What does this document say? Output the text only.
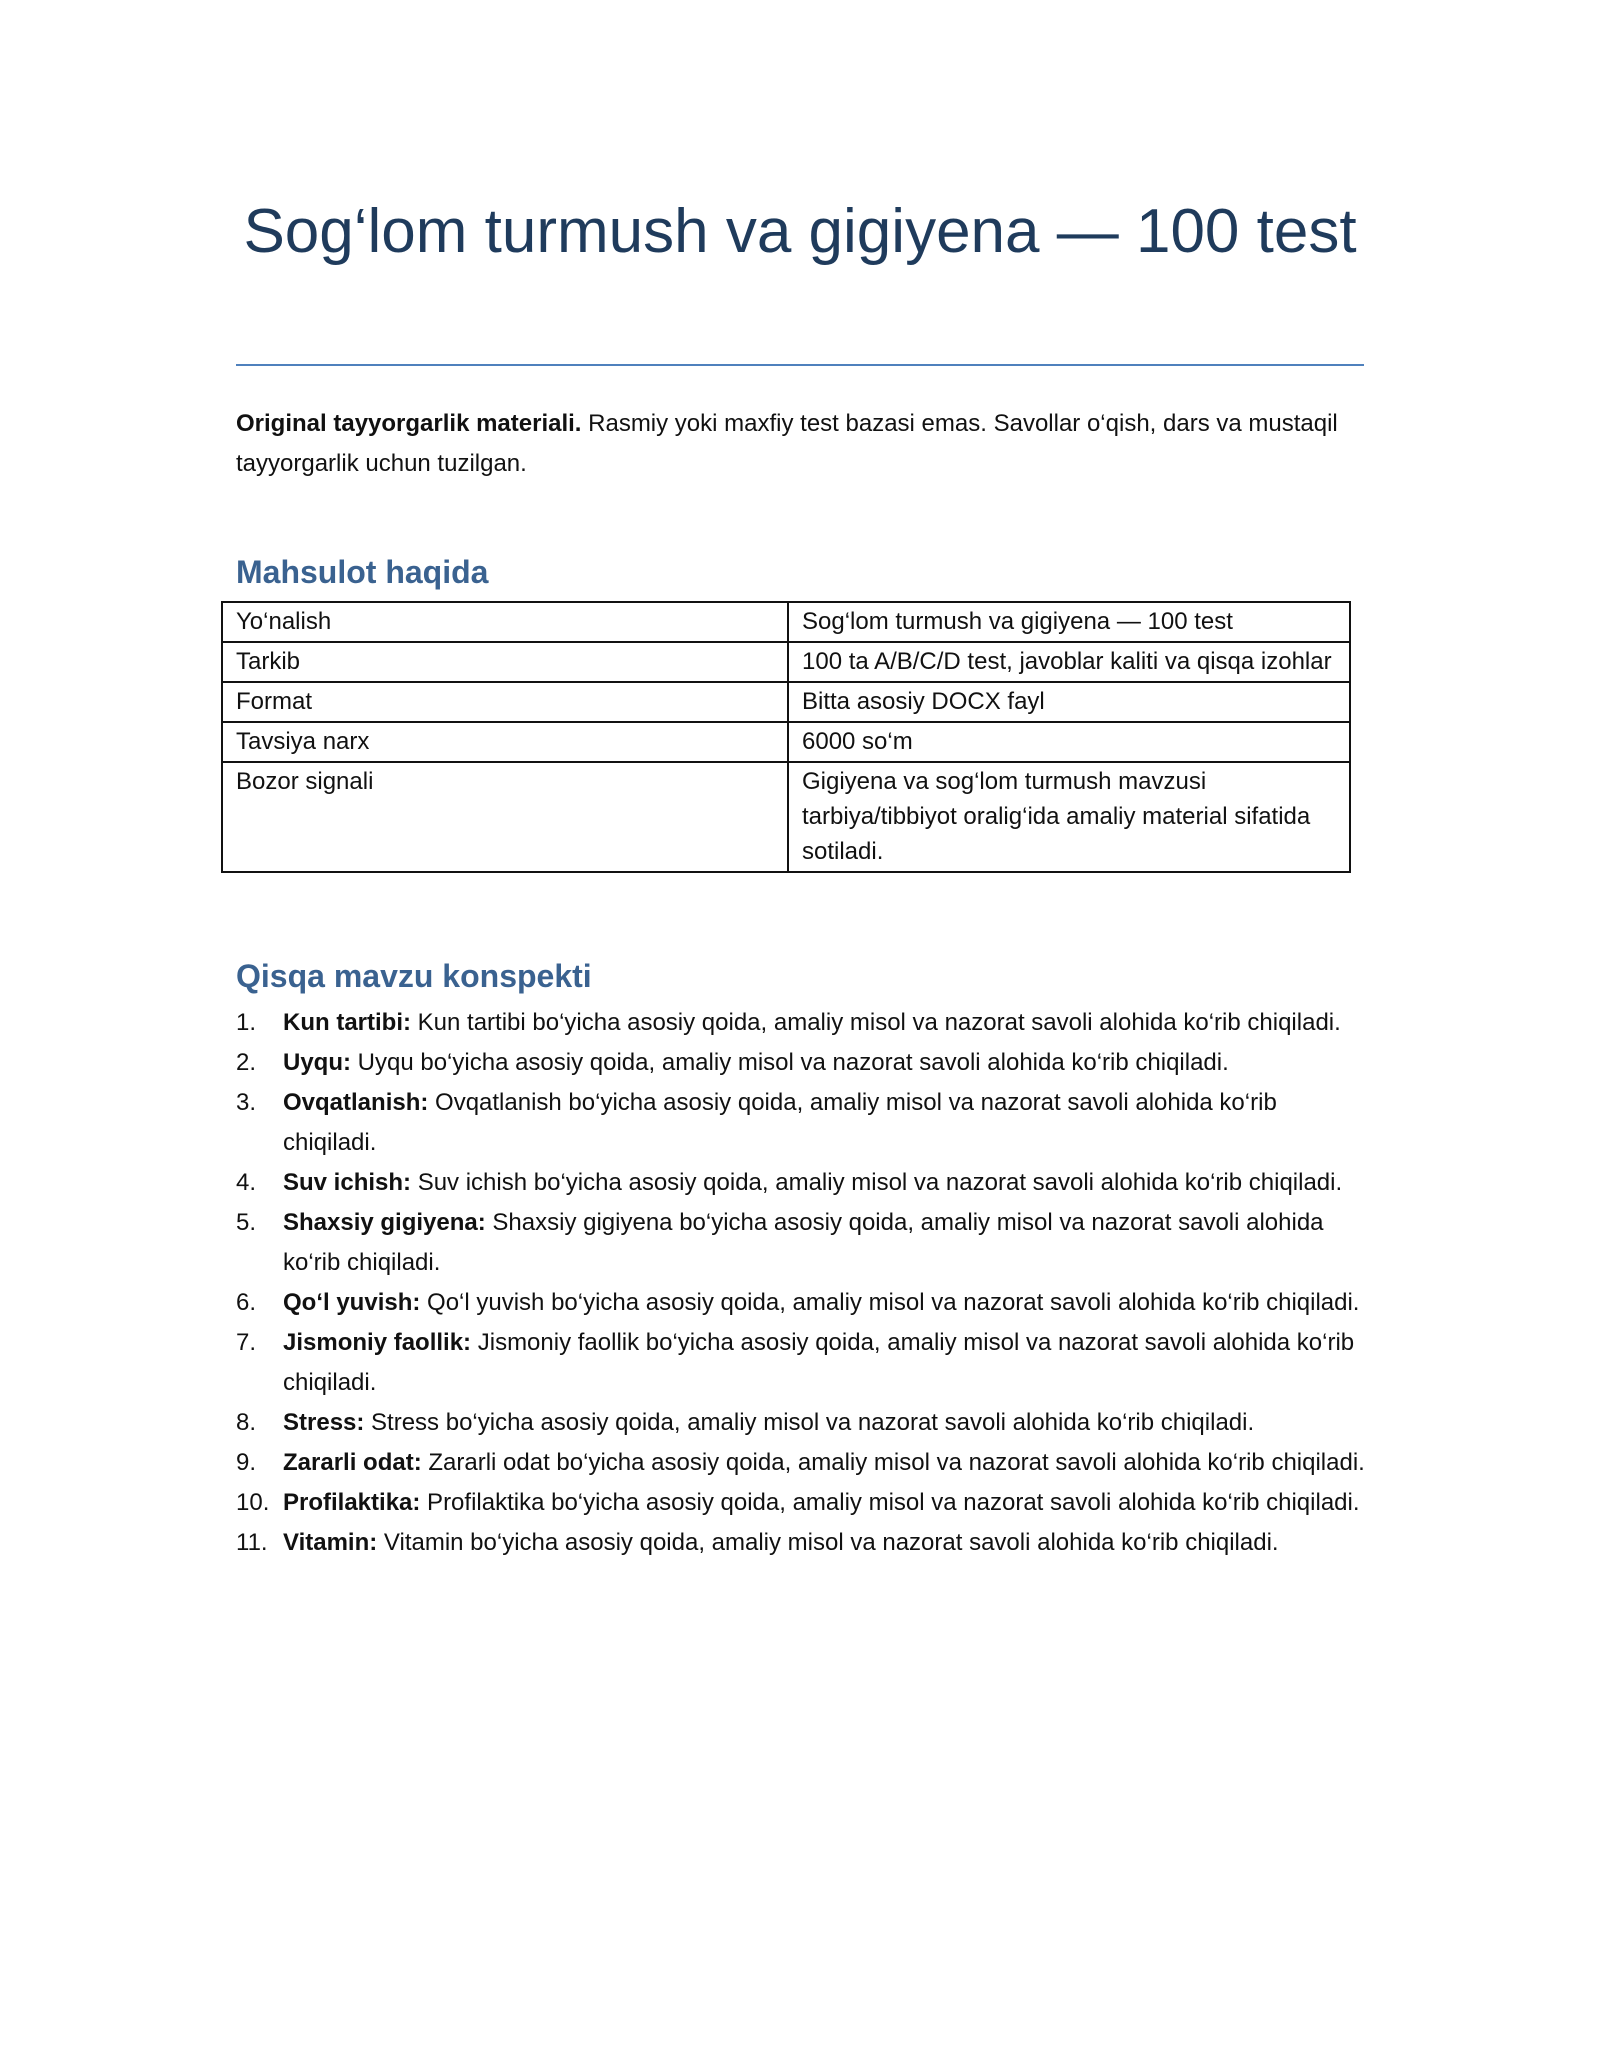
Sog‘lom turmush va gigiyena — 100 test

Original tayyorgarlik materiali. Rasmiy yoki maxfiy test bazasi emas. Savollar o‘qish, dars va mustaqil tayyorgarlik uchun tuzilgan.

Mahsulot haqida
Yo‘nalish	Sog‘lom turmush va gigiyena — 100 test
Tarkib	100 ta A/B/C/D test, javoblar kaliti va qisqa izohlar
Format	Bitta asosiy DOCX fayl
Tavsiya narx	6000 so‘m
Bozor signali	Gigiyena va sog‘lom turmush mavzusi tarbiya/tibbiyot oralig‘ida amaliy material sifatida sotiladi.
Qisqa mavzu konspekti
1. Kun tartibi: Kun tartibi bo‘yicha asosiy qoida, amaliy misol va nazorat savoli alohida ko‘rib chiqiladi.
2. Uyqu: Uyqu bo‘yicha asosiy qoida, amaliy misol va nazorat savoli alohida ko‘rib chiqiladi.
3. Ovqatlanish: Ovqatlanish bo‘yicha asosiy qoida, amaliy misol va nazorat savoli alohida ko‘rib chiqiladi.
4. Suv ichish: Suv ichish bo‘yicha asosiy qoida, amaliy misol va nazorat savoli alohida ko‘rib chiqiladi.
5. Shaxsiy gigiyena: Shaxsiy gigiyena bo‘yicha asosiy qoida, amaliy misol va nazorat savoli alohida ko‘rib chiqiladi.
6. Qo‘l yuvish: Qo‘l yuvish bo‘yicha asosiy qoida, amaliy misol va nazorat savoli alohida ko‘rib chiqiladi.
7. Jismoniy faollik: Jismoniy faollik bo‘yicha asosiy qoida, amaliy misol va nazorat savoli alohida ko‘rib chiqiladi.
8. Stress: Stress bo‘yicha asosiy qoida, amaliy misol va nazorat savoli alohida ko‘rib chiqiladi.
9. Zararli odat: Zararli odat bo‘yicha asosiy qoida, amaliy misol va nazorat savoli alohida ko‘rib chiqiladi.
10. Profilaktika: Profilaktika bo‘yicha asosiy qoida, amaliy misol va nazorat savoli alohida ko‘rib chiqiladi.
11. Vitamin: Vitamin bo‘yicha asosiy qoida, amaliy misol va nazorat savoli alohida ko‘rib chiqiladi.
